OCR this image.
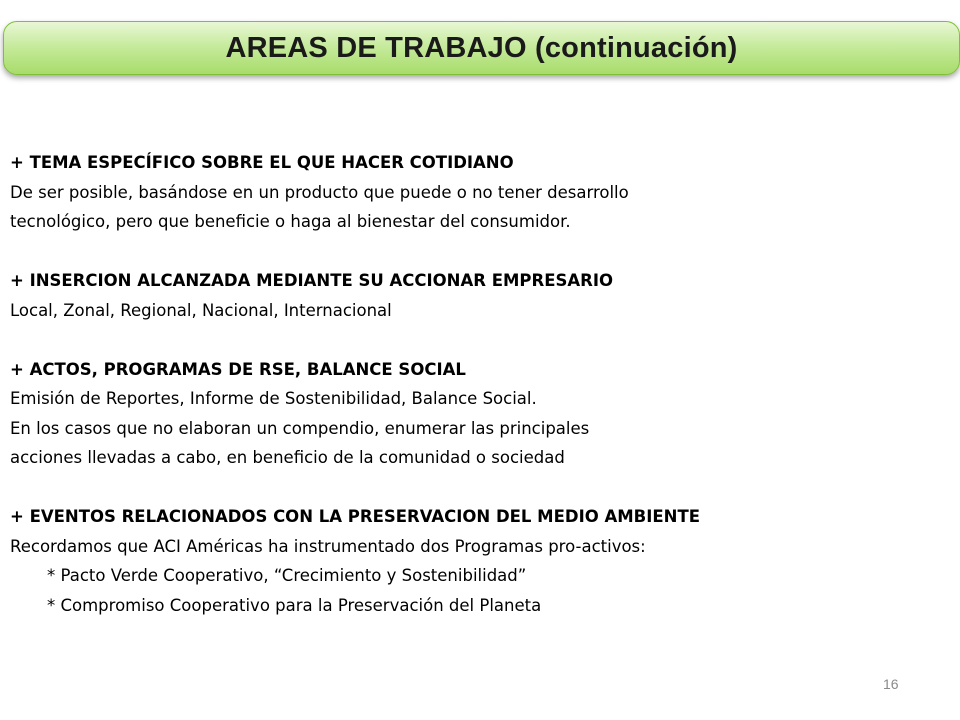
AREAS DE TRABAJO (continuación)
+ TEMA ESPECÍFICO SOBRE EL QUE HACER COTIDIANO
De ser posible, basándose en un producto que puede o no tener desarrollo
tecnológico, pero que beneficie o haga al bienestar del consumidor.
+ INSERCION ALCANZADA MEDIANTE SU ACCIONAR EMPRESARIO
Local, Zonal, Regional, Nacional, Internacional
+ ACTOS, PROGRAMAS DE RSE, BALANCE SOCIAL
Emisión de Reportes, Informe de Sostenibilidad, Balance Social.
En los casos que no elaboran un compendio, enumerar las principales
acciones llevadas a cabo, en beneficio de la comunidad o sociedad
+ EVENTOS RELACIONADOS CON LA PRESERVACION DEL MEDIO AMBIENTE
Recordamos que ACI Américas ha instrumentado dos Programas pro-activos:
* Pacto Verde Cooperativo, “Crecimiento y Sostenibilidad”
* Compromiso Cooperativo para la Preservación del Planeta
16
